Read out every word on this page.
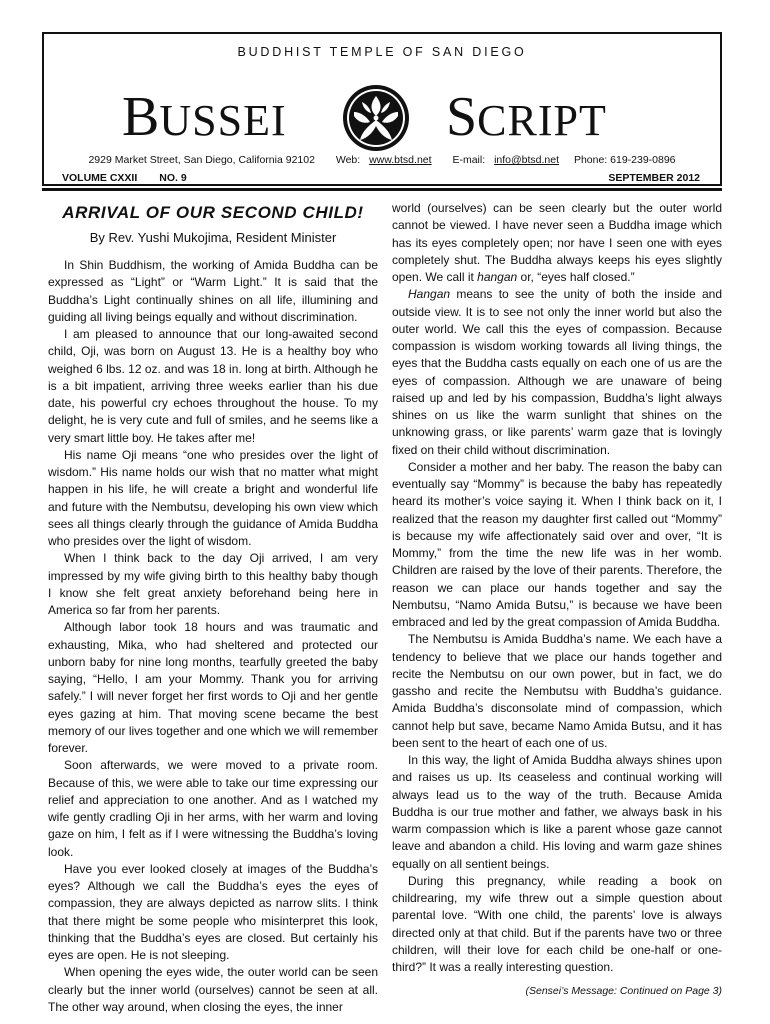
BUDDHIST TEMPLE OF SAN DIEGO
BUSSEI	SCRIPT
2929 Market Street, San Diego, California 92102 Web: www.btsd.net E-mail: info@btsd.net Phone: 619-239-0896
VOLUME CXXII NO. 9	SEPTEMBER 2012
ARRIVAL OF OUR SECOND CHILD!
By Rev. Yushi Mukojima, Resident Minister

In Shin Buddhism, the working of Amida Buddha can be expressed as “Light” or “Warm Light.” It is said that the Buddha’s Light continually shines on all life, illumining and guiding all living beings equally and without discrimination.

I am pleased to announce that our long-awaited second child, Oji, was born on August 13. He is a healthy boy who weighed 6 lbs. 12 oz. and was 18 in. long at birth. Although he is a bit impatient, arriving three weeks earlier than his due date, his powerful cry echoes throughout the house. To my delight, he is very cute and full of smiles, and he seems like a very smart little boy. He takes after me!

His name Oji means “one who presides over the light of wisdom.” His name holds our wish that no matter what might happen in his life, he will create a bright and wonderful life and future with the Nembutsu, developing his own view which sees all things clearly through the guidance of Amida Buddha who presides over the light of wisdom.

When I think back to the day Oji arrived, I am very impressed by my wife giving birth to this healthy baby though I know she felt great anxiety beforehand being here in America so far from her parents.

Although labor took 18 hours and was traumatic and exhausting, Mika, who had sheltered and protected our unborn baby for nine long months, tearfully greeted the baby saying, “Hello, I am your Mommy. Thank you for arriving safely.” I will never forget her first words to Oji and her gentle eyes gazing at him. That moving scene became the best memory of our lives together and one which we will remember forever.

Soon afterwards, we were moved to a private room. Because of this, we were able to take our time expressing our relief and appreciation to one another. And as I watched my wife gently cradling Oji in her arms, with her warm and loving gaze on him, I felt as if I were witnessing the Buddha’s loving look.

Have you ever looked closely at images of the Buddha’s eyes? Although we call the Buddha’s eyes the eyes of compassion, they are always depicted as narrow slits. I think that there might be some people who misinterpret this look, thinking that the Buddha’s eyes are closed. But certainly his eyes are open. He is not sleeping.

When opening the eyes wide, the outer world can be seen clearly but the inner world (ourselves) cannot be seen at all. The other way around, when closing the eyes, the inner

world (ourselves) can be seen clearly but the outer world cannot be viewed. I have never seen a Buddha image which has its eyes completely open; nor have I seen one with eyes completely shut. The Buddha always keeps his eyes slightly open. We call it hangan or, “eyes half closed.”

Hangan means to see the unity of both the inside and outside view. It is to see not only the inner world but also the outer world. We call this the eyes of compassion. Because compassion is wisdom working towards all living things, the eyes that the Buddha casts equally on each one of us are the eyes of compassion. Although we are unaware of being raised up and led by his compassion, Buddha’s light always shines on us like the warm sunlight that shines on the unknowing grass, or like parents’ warm gaze that is lovingly fixed on their child without discrimination.

Consider a mother and her baby. The reason the baby can eventually say “Mommy” is because the baby has repeatedly heard its mother’s voice saying it. When I think back on it, I realized that the reason my daughter first called out “Mommy” is because my wife affectionately said over and over, “It is Mommy,” from the time the new life was in her womb. Children are raised by the love of their parents. Therefore, the reason we can place our hands together and say the Nembutsu, “Namo Amida Butsu,” is because we have been embraced and led by the great compassion of Amida Buddha.

The Nembutsu is Amida Buddha’s name. We each have a tendency to believe that we place our hands together and recite the Nembutsu on our own power, but in fact, we do gassho and recite the Nembutsu with Buddha’s guidance. Amida Buddha’s disconsolate mind of compassion, which cannot help but save, became Namo Amida Butsu, and it has been sent to the heart of each one of us.

In this way, the light of Amida Buddha always shines upon and raises us up. Its ceaseless and continual working will always lead us to the way of the truth. Because Amida Buddha is our true mother and father, we always bask in his warm compassion which is like a parent whose gaze cannot leave and abandon a child. His loving and warm gaze shines equally on all sentient beings.

During this pregnancy, while reading a book on childrearing, my wife threw out a simple question about parental love. “With one child, the parents’ love is always directed only at that child. But if the parents have two or three children, will their love for each child be one-half or one-third?” It was a really interesting question.

(Sensei’s Message: Continued on Page 3)
